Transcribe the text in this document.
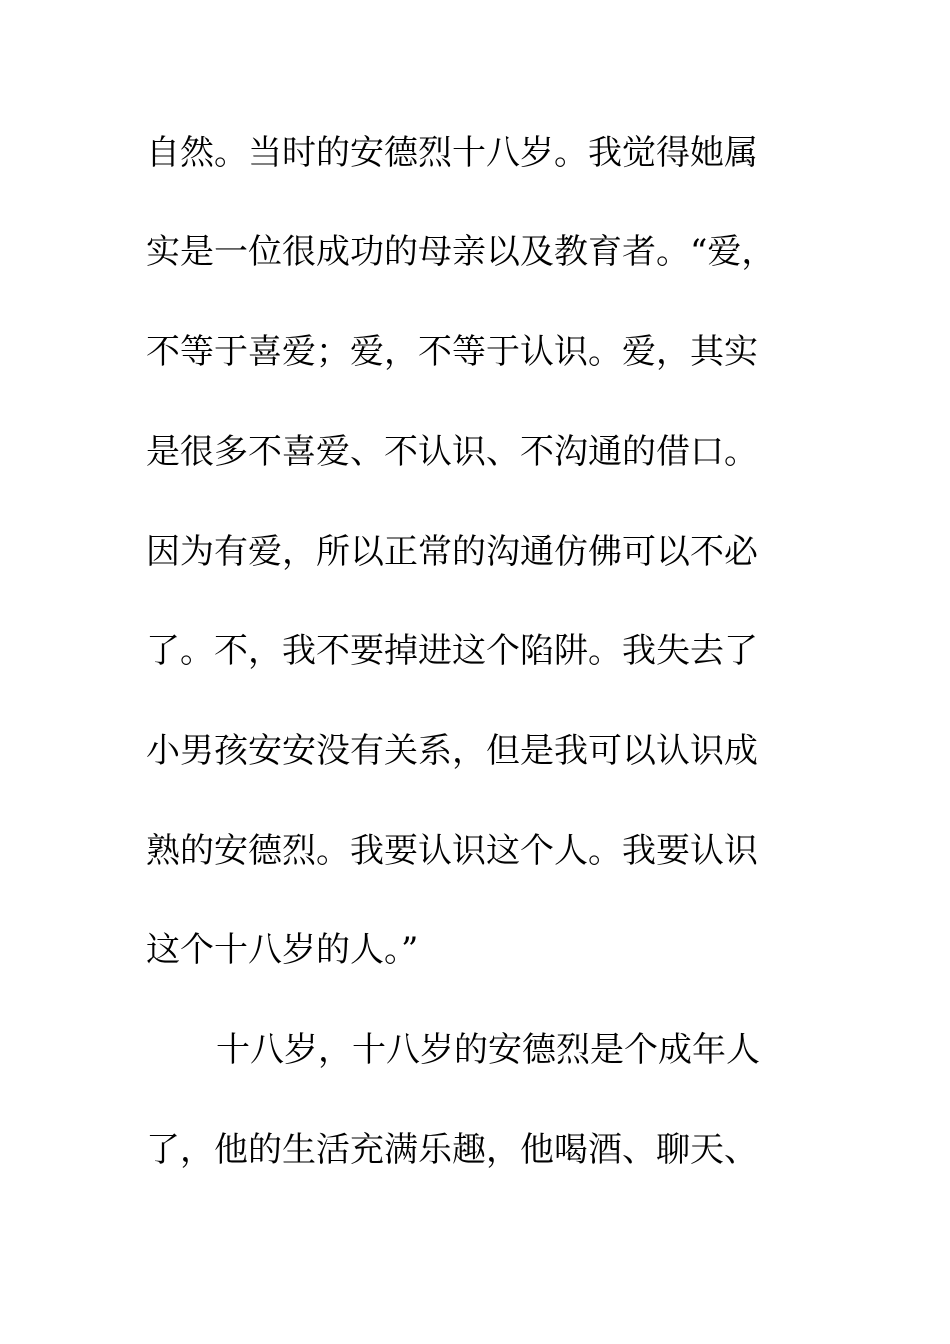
自然。当时的安德烈十八岁。我觉得她属
实是一位很成功的母亲以及教育者。“爱，
不等于喜爱；爱，不等于认识。爱，其实
是很多不喜爱、不认识、不沟通的借口。
因为有爱，所以正常的沟通仿佛可以不必
了。不，我不要掉进这个陷阱。我失去了
小男孩安安没有关系，但是我可以认识成
熟的安德烈。我要认识这个人。我要认识
这个十八岁的人。”
十八岁，十八岁的安德烈是个成年人
了，他的生活充满乐趣，他喝酒、聊天、
